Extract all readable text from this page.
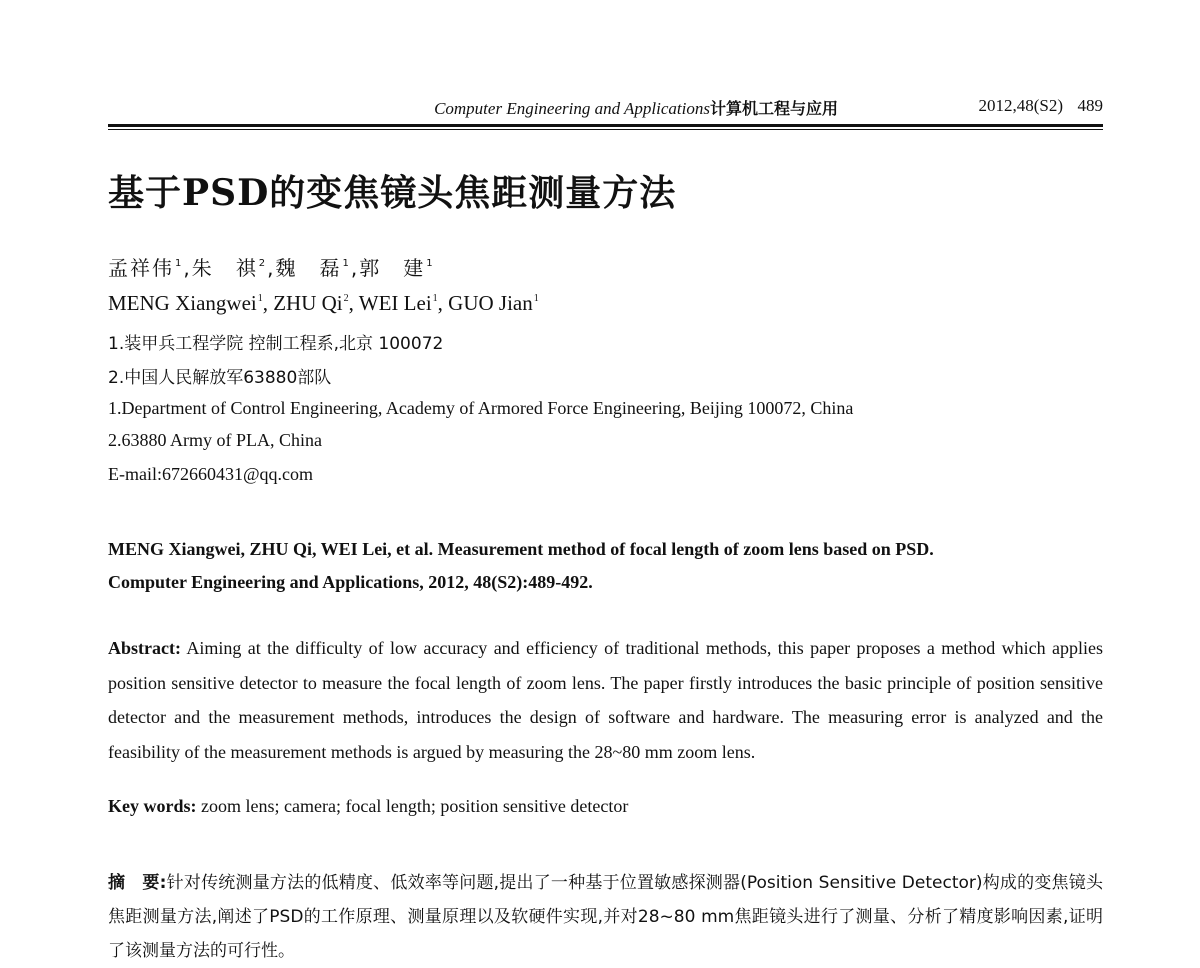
Computer Engineering and Applications计算机工程与应用	2012,48(S2) 489
基于PSD的变焦镜头焦距测量方法
孟祥伟$^1$,朱　祺$^2$,魏　磊$^1$,郭　建$^1$
MENG Xiangwei$^1$, ZHU Qi$^2$, WEI Lei$^1$, GUO Jian$^1$
1.装甲兵工程学院 控制工程系,北京 100072
2.中国人民解放军63880部队
1.Department of Control Engineering, Academy of Armored Force Engineering, Beijing 100072, China
2.63880 Army of PLA, China
E-mail:672660431@qq.com
MENG Xiangwei, ZHU Qi, WEI Lei, et al. Measurement method of focal length of zoom lens based on PSD.
Computer Engineering and Applications, 2012, 48(S2):489-492.

Abstract: Aiming at the difficulty of low accuracy and efficiency of traditional methods, this paper proposes a method which applies position sensitive detector to measure the focal length of zoom lens. The paper firstly introduces the basic principle of position sensitive detector and the measurement methods, introduces the design of software and hardware. The measuring error is analyzed and the feasibility of the measurement methods is argued by measuring the 28~80 mm zoom lens.

Key words: zoom lens; camera; focal length; position sensitive detector

摘　要:针对传统测量方法的低精度、低效率等问题,提出了一种基于位置敏感探测器(Position Sensitive Detector)构成的变焦镜头焦距测量方法,阐述了PSD的工作原理、测量原理以及软硬件实现,并对28~80 mm焦距镜头进行了测量、分析了精度影响因素,证明了该测量方法的可行性。
